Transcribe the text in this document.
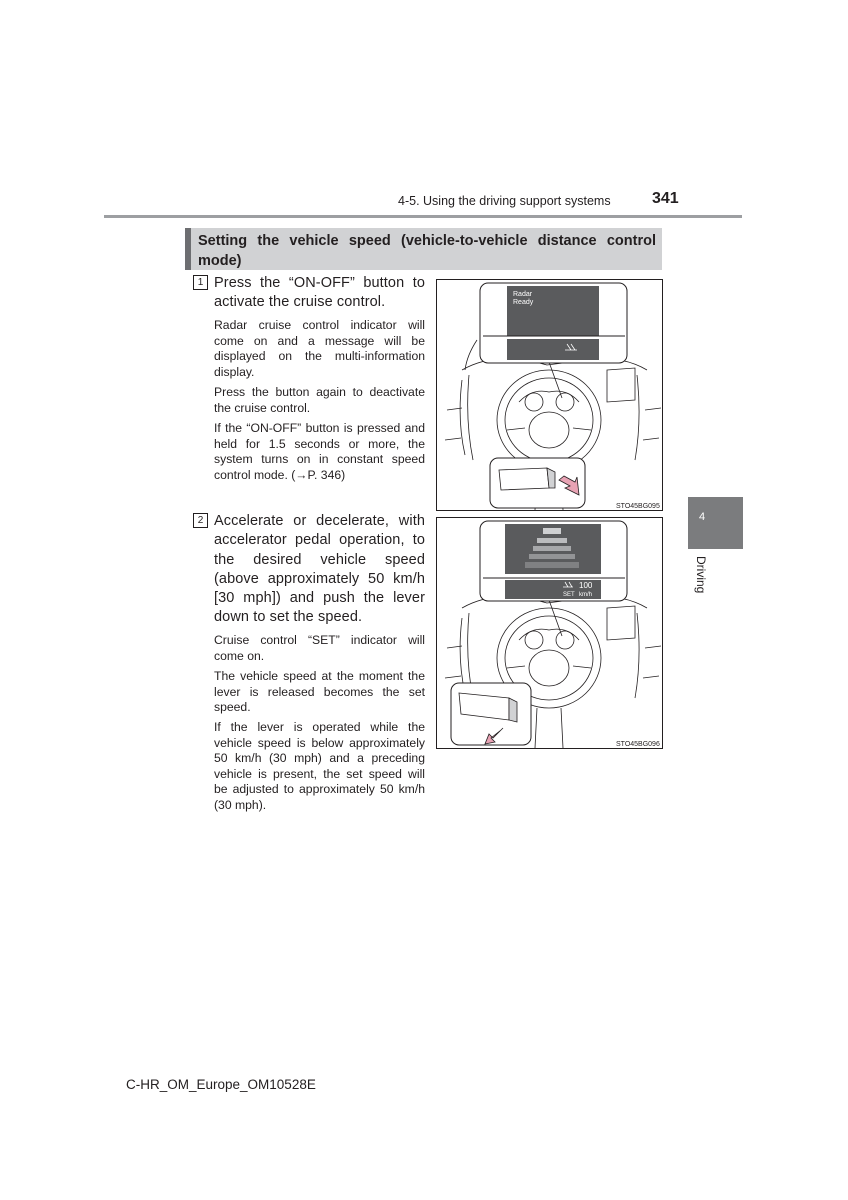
4-5. Using the driving support systems	341
4
Driving
Setting the vehicle speed (vehicle-to-vehicle distance control mode)
1 Press the “ON-OFF” button to activate the cruise control.
Radar cruise control indicator will come on and a message will be displayed on the multi-information display.
Press the button again to deactivate the cruise control.
If the “ON-OFF” button is pressed and held for 1.5 seconds or more, the system turns on in constant speed control mode. (→P. 346)
Radar
Ready
STO45BG095
2 Accelerate or decelerate, with accelerator pedal operation, to the desired vehicle speed (above approximately 50 km/h [30 mph]) and push the lever down to set the speed.
Cruise control “SET” indicator will come on.
The vehicle speed at the moment the lever is released becomes the set speed.
If the lever is operated while the vehicle speed is below approximately 50 km/h (30 mph) and a preceding vehicle is present, the set speed will be adjusted to approximately 50 km/h (30 mph).
100
SET km/h
STO45BG096
C-HR_OM_Europe_OM10528E
